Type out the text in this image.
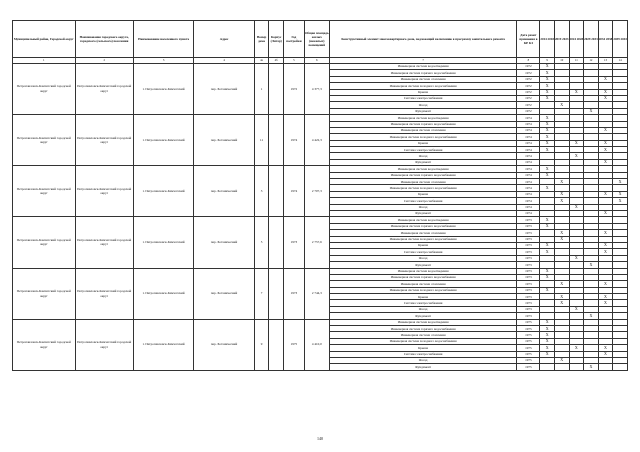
Муниципальный район, Городской округ	Наименование городского округа, городского (сельского) поселения	Наименование населенного пункта	Адрес	Номер дома	Корпус (Литер)	Год постройки	Общая площадь жилых (нежилых) помещений	Конструктивный элемент многоквартирного дома, подлежащий включению в программу капитального ремонта	Дата рамет признания в КР КЗ	2014 2018	2019 2023	2024 2028	2029 2033	2034 2038	2039 2043
1	2	3	4	4а	4б	5	6	7	8	9	10	11	12	13	14
Петропавловск-Камчатский городской округ	Петропавловск-Камчатский городской округ	г. Петропавловск-Камчатский	пер. Ботанический	1		1972	4 377,3	Инженерная система водоотведения	1972	X					
								Инженерная система горячего водоснабжения	1972	X					
								Инженерная система отопления	1972	X				X	
								Инженерная система холодного водоснабжения	1972	X					
								Крыша	1972	X		X		X	
								Система электроснабжения	1972	X				X	
								Фасад	1972		X				
								Фундамент	1972				X		
Петропавловск-Камчатский городской округ	Петропавловск-Камчатский городской округ	г. Петропавловск-Камчатский	пер. Ботанический	11		1974	4 422,3	Инженерная система водоотведения	1974	X					
								Инженерная система горячего водоснабжения	1974	X					
								Инженерная система отопления	1974	X				X	
								Инженерная система холодного водоснабжения	1974	X					
								Крыша	1974	X		X		X	
								Система электроснабжения	1974	X				X	
								Фасад	1974			X			
								Фундамент	1974					X	
Петропавловск-Камчатский городской округ	Петропавловск-Камчатский городской округ	г. Петропавловск-Камчатский	пер. Ботанический	3		1974	2 707,3	Инженерная система водоотведения	1974	X					
								Инженерная система горячего водоснабжения	1974	X					
								Инженерная система отопления	1974		X				X
								Инженерная система холодного водоснабжения	1974	X					
								Крыша	1974		X			X	X
								Система электроснабжения	1974		X				X
								Фасад	1974			X			
								Фундамент	1974					X	
Петропавловск-Камчатский городской округ	Петропавловск-Камчатский городской округ	г. Петропавловск-Камчатский	пер. Ботанический	5		1973	2 757,6	Инженерная система водоотведения	1973	X					
								Инженерная система горячего водоснабжения	1973	X					
								Инженерная система отопления	1973		X			X	
								Инженерная система холодного водоснабжения	1973		X				
								Крыша	1973	X				X	
								Система электроснабжения	1973	X				X	
								Фасад	1973			X			
								Фундамент	1973				X		
Петропавловск-Камчатский городской округ	Петропавловск-Камчатский городской округ	г. Петропавловск-Камчатский	пер. Ботанический	7		1973	2 744,3	Инженерная система водоотведения	1973	X					
								Инженерная система горячего водоснабжения	1973	X					
								Инженерная система отопления	1973		X			X	
								Инженерная система холодного водоснабжения	1973	X					
								Крыша	1973		X			X	
								Система электроснабжения	1973		X			X	
								Фасад	1973			X			
								Фундамент	1973				X		
Петропавловск-Камчатский городской округ	Петропавловск-Камчатский городской округ	г. Петропавловск-Камчатский	пер. Ботанический	9		1975	4 410,0	Инженерная система водоотведения	1975	X					
								Инженерная система горячего водоснабжения	1975	X					
								Инженерная система отопления	1975	X					
								Инженерная система холодного водоснабжения	1975	X					
								Крыша	1975	X		X		X	
								Система электроснабжения	1975	X				X	
								Фасад	1975		X				
								Фундамент	1975				X		
140
